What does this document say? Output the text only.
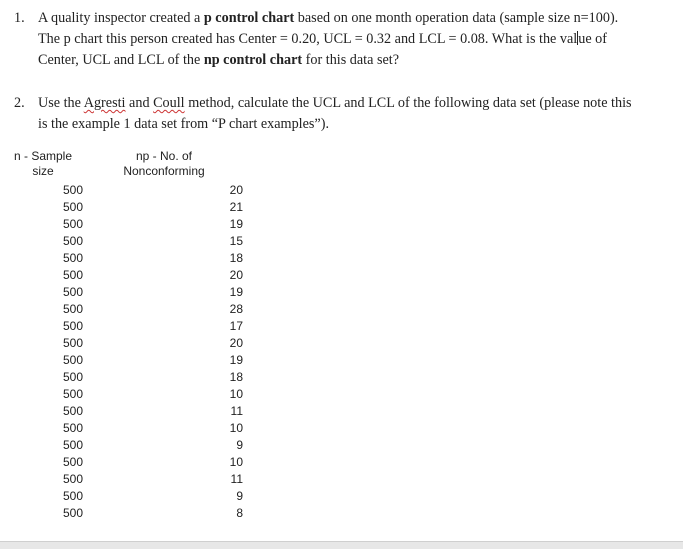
1. A quality inspector created a p control chart based on one month operation data (sample size n=100). The p chart this person created has Center = 0.20, UCL = 0.32 and LCL = 0.08. What is the value of Center, UCL and LCL of the np control chart for this data set?
2. Use the Agresti and Coull method, calculate the UCL and LCL of the following data set (please note this is the example 1 data set from “P chart examples”).
n - Sample
size
np - No. of
Nonconforming
500	20
500	21
500	19
500	15
500	18
500	20
500	19
500	28
500	17
500	20
500	19
500	18
500	10
500	11
500	10
500	9
500	10
500	11
500	9
500	8
